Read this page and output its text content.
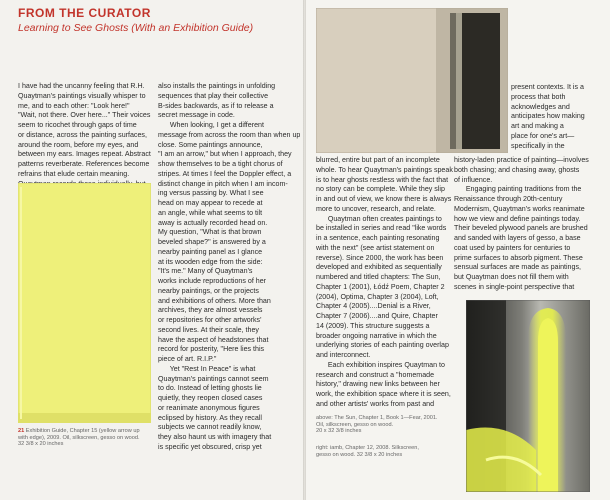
FROM THE CURATOR
Learning to See Ghosts (With an Exhibition Guide)

I have had the uncanny feeling that R.H.

Quaytman's paintings visually whisper to

me, and to each other: "Look here!"

"Wait, not there. Over here..." Their voices

seem to ricochet through gaps of time

or distance, across the painting surfaces,

around the room, before my eyes, and

between my ears. Images repeat. Abstract

patterns reverberate. References become

refrains that elude certain meaning.

also installs the paintings in unfolding

sequences that play their collective

B-sides backwards, as if to release a

secret message in code.

When looking, I get a different

message from across the room than when up

close. Some paintings announce,

"I am an arrow," but when I approach, they

show themselves to be a tight chorus of

stripes. At times I feel the Doppler effect, a

distinct change in pitch when I am incom-

ing versus passing by. What I see

head on may appear to recede at

an angle, while what seems to tilt

away is actually recorded head on.

My question, "What is that brown

beveled shape?" is answered by a

nearby painting panel as I glance

at its wooden edge from the side:

"It's me." Many of Quaytman's

works include reproductions of her

nearby paintings, or the projects

and exhibitions of others. More than

archives, they are almost vessels

or repositories for other artworks'

second lives. At their scale, they

have the aspect of headstones that

record for posterity, "Here lies this

piece of art. R.I.P."

Yet "Rest In Peace" is what

Quaytman's paintings cannot seem

to do. Instead of letting ghosts lie

quietly, they reopen closed cases

or reanimate anonymous figures

eclipsed by history. As they recall

subjects we cannot readily know,

they also haunt us with imagery that

is specific yet obscured, crisp yet

21 Exhibition Guide, Chapter 15 (yellow arrow up
with edge), 2009. Oil, silkscreen, gesso on wood.
32 3/8 x 20 inches

blurred, entire but part of an incomplete

whole. To hear Quaytman's paintings speak

is to hear ghosts restless with the fact that

no story can be complete. While they slip

in and out of view, we know there is always

more to uncover, research, and relate.

Quaytman often creates paintings to

be installed in series and read "like words

in a sentence, each painting resonating

with the next" (see artist statement on

reverse). Since 2000, the work has been

developed and exhibited as sequentially

numbered and titled chapters: The Sun,

Chapter 1 (2001), Łódź Poem, Chapter 2

(2004), Optima, Chapter 3 (2004), Loft,

Chapter 4 (2005)....Denial is a River,

Chapter 7 (2006)....and Quire, Chapter

14 (2009). This structure suggests a

broader ongoing narrative in which the

underlying stories of each painting overlap

and interconnect.

Each exhibition inspires Quaytman to

research and construct a "homemade

history," drawing new links between her

work, the exhibition space where it is seen,

and other artists' works from past and

present contexts. It is a

process that both

acknowledges and

anticipates how making

art and making a

place for one's art—

specifically in the

history-laden practice of painting—involves

both chasing; and chasing away, ghosts

of influence.

Engaging painting traditions from the

Renaissance through 20th-century

Modernism, Quaytman's works reanimate

how we view and define paintings today.

Their beveled plywood panels are brushed

and sanded with layers of gesso, a base

coat used by painters for centuries to

prime surfaces to absorb pigment. These

sensual surfaces are made as paintings,

but Quaytman does not fill them with

scenes in single-point perspective that

above: The Sun, Chapter 1, Book 1—Fear, 2001.
Oil, silkscreen, gesso on wood.
20 x 32 3/8 inches
right: iamb, Chapter 12, 2008. Silkscreen,
gesso on wood. 32 3/8 x 20 inches
